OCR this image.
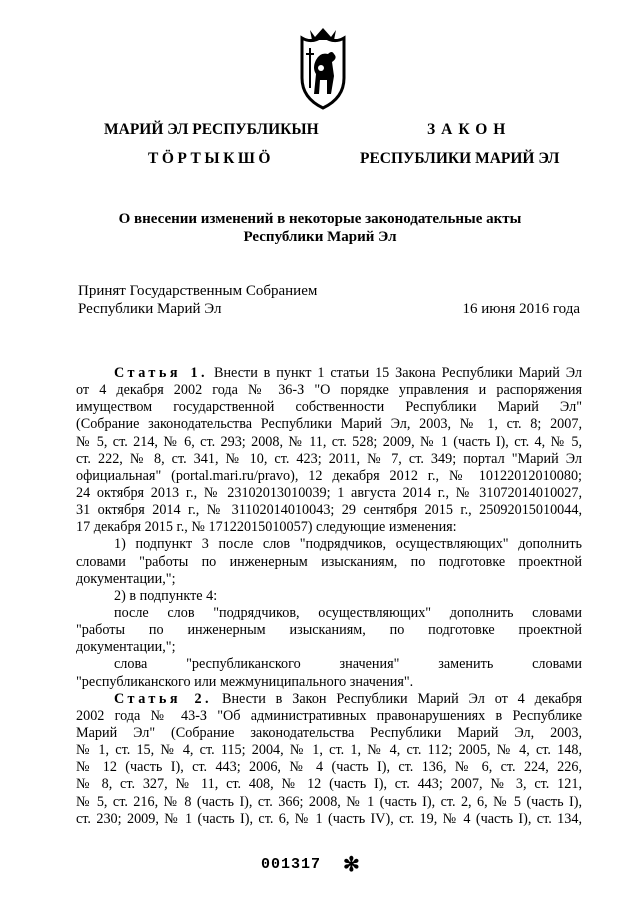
МАРИЙ ЭЛ РЕСПУБЛИКЫН
ТӦРТЫКШӦ
ЗАКОН
РЕСПУБЛИКИ МАРИЙ ЭЛ
О внесении изменений в некоторые законодательные акты
Республики Марий Эл
Принят Государственным Собранием
Республики Марий Эл	16 июня 2016 года
Статья 1. Внести в пункт 1 статьи 15 Закона Республики Марий Эл
от 4 декабря 2002 года № 36-З "О порядке управления и распоряжения
имуществом государственной собственности Республики Марий Эл"
(Собрание законодательства Республики Марий Эл, 2003, № 1, ст. 8; 2007,
№ 5, ст. 214, № 6, ст. 293; 2008, № 11, ст. 528; 2009, № 1 (часть I), ст. 4, № 5,
ст. 222, № 8, ст. 341, № 10, ст. 423; 2011, № 7, ст. 349; портал "Марий Эл
официальная" (portal.mari.ru/pravo), 12 декабря 2012 г., № 10122012010080;
24 октября 2013 г., № 23102013010039; 1 августа 2014 г., № 31072014010027,
31 октября 2014 г., № 31102014010043; 29 сентября 2015 г., 25092015010044,
17 декабря 2015 г., № 17122015010057) следующие изменения:
1) подпункт 3 после слов "подрядчиков, осуществляющих" дополнить
словами "работы по инженерным изысканиям, по подготовке проектной
документации,";
2) в подпункте 4:
после слов "подрядчиков, осуществляющих" дополнить словами
"работы по инженерным изысканиям, по подготовке проектной
документации,";
слова "республиканского значения" заменить словами
"республиканского или межмуниципального значения".
Статья 2. Внести в Закон Республики Марий Эл от 4 декабря
2002 года № 43-З "Об административных правонарушениях в Республике
Марий Эл" (Собрание законодательства Республики Марий Эл, 2003,
№ 1, ст. 15, № 4, ст. 115; 2004, № 1, ст. 1, № 4, ст. 112; 2005, № 4, ст. 148,
№ 12 (часть I), ст. 443; 2006, № 4 (часть I), ст. 136, № 6, ст. 224, 226,
№ 8, ст. 327, № 11, ст. 408, № 12 (часть I), ст. 443; 2007, № 3, ст. 121,
№ 5, ст. 216, № 8 (часть I), ст. 366; 2008, № 1 (часть I), ст. 2, 6, № 5 (часть I),
ст. 230; 2009, № 1 (часть I), ст. 6, № 1 (часть IV), ст. 19, № 4 (часть I), ст. 134,
001317 ✻
